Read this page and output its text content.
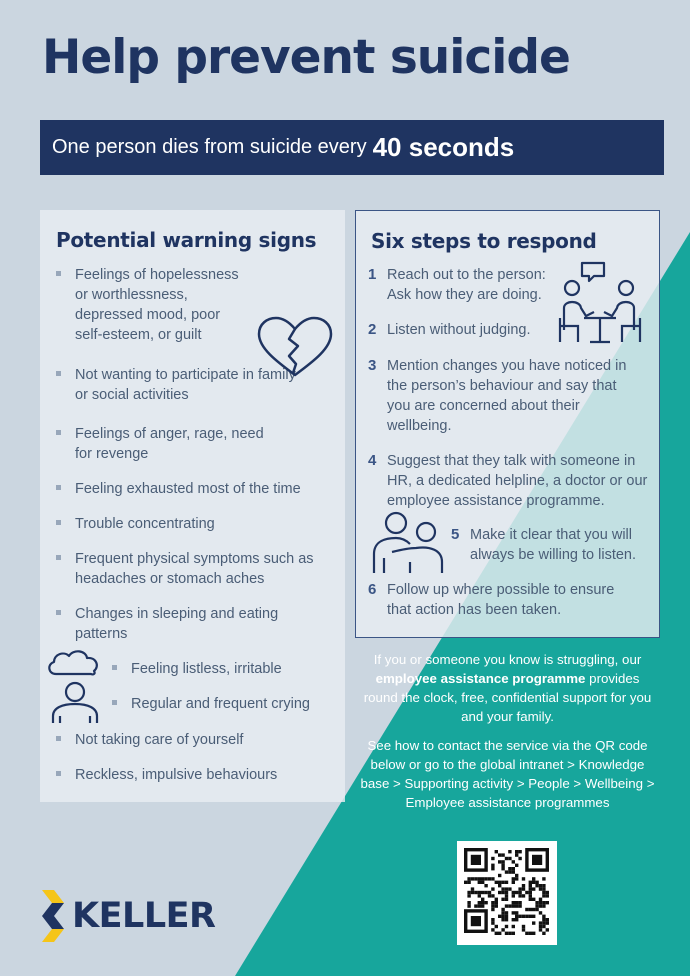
Help prevent suicide
One person dies from suicide every 40 seconds
Potential warning signs
Feelings of hopelessness or worthlessness, depressed mood, poor self-esteem, or guilt
Not wanting to participate in family or social activities
Feelings of anger, rage, need for revenge
Feeling exhausted most of the time
Trouble concentrating
Frequent physical symptoms such as headaches or stomach aches
Changes in sleeping and eating patterns
Feeling listless, irritable
Regular and frequent crying
Not taking care of yourself
Reckless, impulsive behaviours
Six steps to respond
1 Reach out to the person: Ask how they are doing.
2 Listen without judging.
3 Mention changes you have noticed in the person’s behaviour and say that you are concerned about their wellbeing.
4 Suggest that they talk with someone in HR, a dedicated helpline, a doctor or our employee assistance programme.
5 Make it clear that you will always be willing to listen.
6 Follow up where possible to ensure that action has been taken.
If you or someone you know is struggling, our employee assistance programme provides round the clock, free, confidential support for you and your family.
See how to contact the service via the QR code below or go to the global intranet > Knowledge base > Supporting activity > People > Wellbeing > Employee assistance programmes
KELLER
